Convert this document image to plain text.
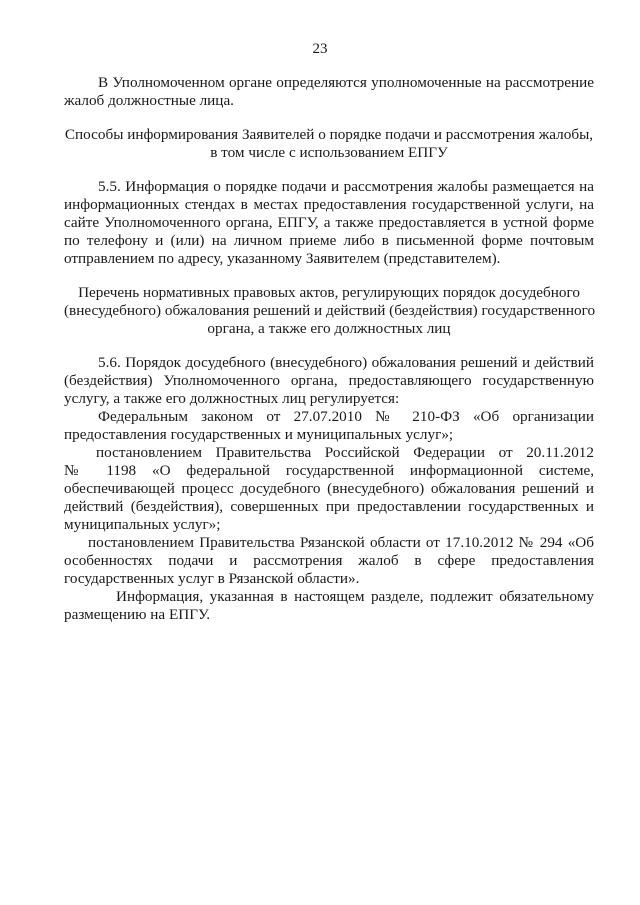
23
В Уполномоченном органе определяются уполномоченные на рассмотрение
жалоб должностные лица.
Способы информирования Заявителей о порядке подачи и рассмотрения жалобы,
в том числе с использованием ЕПГУ
5.5. Информация о порядке подачи и рассмотрения жалобы размещается на
информационных стендах в местах предоставления государственной услуги, на
сайте Уполномоченного органа, ЕПГУ, а также предоставляется в устной форме
по телефону и (или) на личном приеме либо в письменной форме почтовым
отправлением по адресу, указанному Заявителем (представителем).
Перечень нормативных правовых актов, регулирующих порядок досудебного
(внесудебного) обжалования решений и действий (бездействия) государственного
органа, а также его должностных лиц
5.6. Порядок досудебного (внесудебного) обжалования решений и действий
(бездействия) Уполномоченного органа, предоставляющего государственную
услугу, а также его должностных лиц регулируется:
Федеральным законом от 27.07.2010 № 210-ФЗ «Об организации
предоставления государственных и муниципальных услуг»;
постановлением Правительства Российской Федерации от 20.11.2012
№ 1198 «О федеральной государственной информационной системе,
обеспечивающей процесс досудебного (внесудебного) обжалования решений и
действий (бездействия), совершенных при предоставлении государственных и
муниципальных услуг»;
постановлением Правительства Рязанской области от 17.10.2012 № 294 «Об
особенностях подачи и рассмотрения жалоб в сфере предоставления
государственных услуг в Рязанской области».
Информация, указанная в настоящем разделе, подлежит обязательному
размещению на ЕПГУ.
